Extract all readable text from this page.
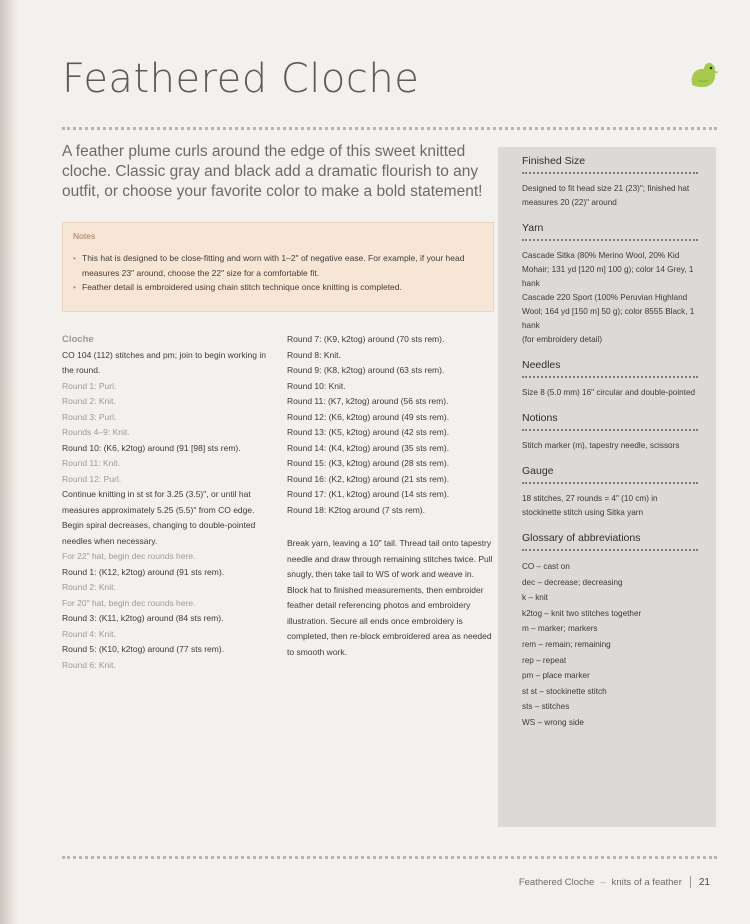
Feathered Cloche

A feather plume curls around the edge of this sweet knitted cloche. Classic gray and black add a dramatic flourish to any outfit, or choose your favorite color to make a bold statement!

Notes
• This hat is designed to be close-fitting and worn with 1–2" of negative ease. For example, if your head measures 23" around, choose the 22" size for a comfortable fit.
• Feather detail is embroidered using chain stitch technique once knitting is completed.
Cloche
CO 104 (112) stitches and pm; join to begin working in the round.
Round 1: Purl.
Round 2: Knit.
Round 3: Purl.
Rounds 4–9: Knit.
Round 10: (K6, k2tog) around (91 [98] sts rem).
Round 11: Knit.
Round 12: Purl.
Continue knitting in st st for 3.25 (3.5)", or until hat measures approximately 5.25 (5.5)" from CO edge. Begin spiral decreases, changing to double-pointed needles when necessary.
For 22" hat, begin dec rounds here.
Round 1: (K12, k2tog) around (91 sts rem).
Round 2: Knit.
For 20" hat, begin dec rounds here.
Round 3: (K11, k2tog) around (84 sts rem).
Round 4: Knit.
Round 5: (K10, k2tog) around (77 sts rem).
Round 6: Knit.
Round 7: (K9, k2tog) around (70 sts rem).
Round 8: Knit.
Round 9: (K8, k2tog) around (63 sts rem).
Round 10: Knit.
Round 11: (K7, k2tog) around (56 sts rem).
Round 12: (K6, k2tog) around (49 sts rem).
Round 13: (K5, k2tog) around (42 sts rem).
Round 14: (K4, k2tog) around (35 sts rem).
Round 15: (K3, k2tog) around (28 sts rem).
Round 16: (K2, k2tog) around (21 sts rem).
Round 17: (K1, k2tog) around (14 sts rem).
Round 18: K2tog around (7 sts rem).

Break yarn, leaving a 10" tail. Thread tail onto tapestry needle and draw through remaining stitches twice. Pull snugly, then take tail to WS of work and weave in. Block hat to finished measurements, then embroider feather detail referencing photos and embroidery illustration. Secure all ends once embroidery is completed, then re-block embroidered area as needed to smooth work.

Finished Size
Designed to fit head size 21 (23)"; finished hat measures 20 (22)" around
Yarn
Cascade Sitka (80% Merino Wool, 20% Kid Mohair; 131 yd [120 m] 100 g); color 14 Grey, 1 hank
Cascade 220 Sport (100% Peruvian Highland Wool; 164 yd [150 m] 50 g); color 8555 Black, 1 hank
(for embroidery detail)
Needles
Size 8 (5.0 mm) 16" circular and double-pointed
Notions
Stitch marker (m), tapestry needle, scissors
Gauge
18 stitches, 27 rounds = 4" (10 cm) in stockinette stitch using Sitka yarn
Glossary of abbreviations
CO – cast on
dec – decrease; decreasing
k – knit
k2tog – knit two stitches together
m – marker; markers
rem – remain; remaining
rep – repeat
pm – place marker
st st – stockinette stitch
sts – stitches
WS – wrong side
Feathered Cloche – knits of a feather 21
